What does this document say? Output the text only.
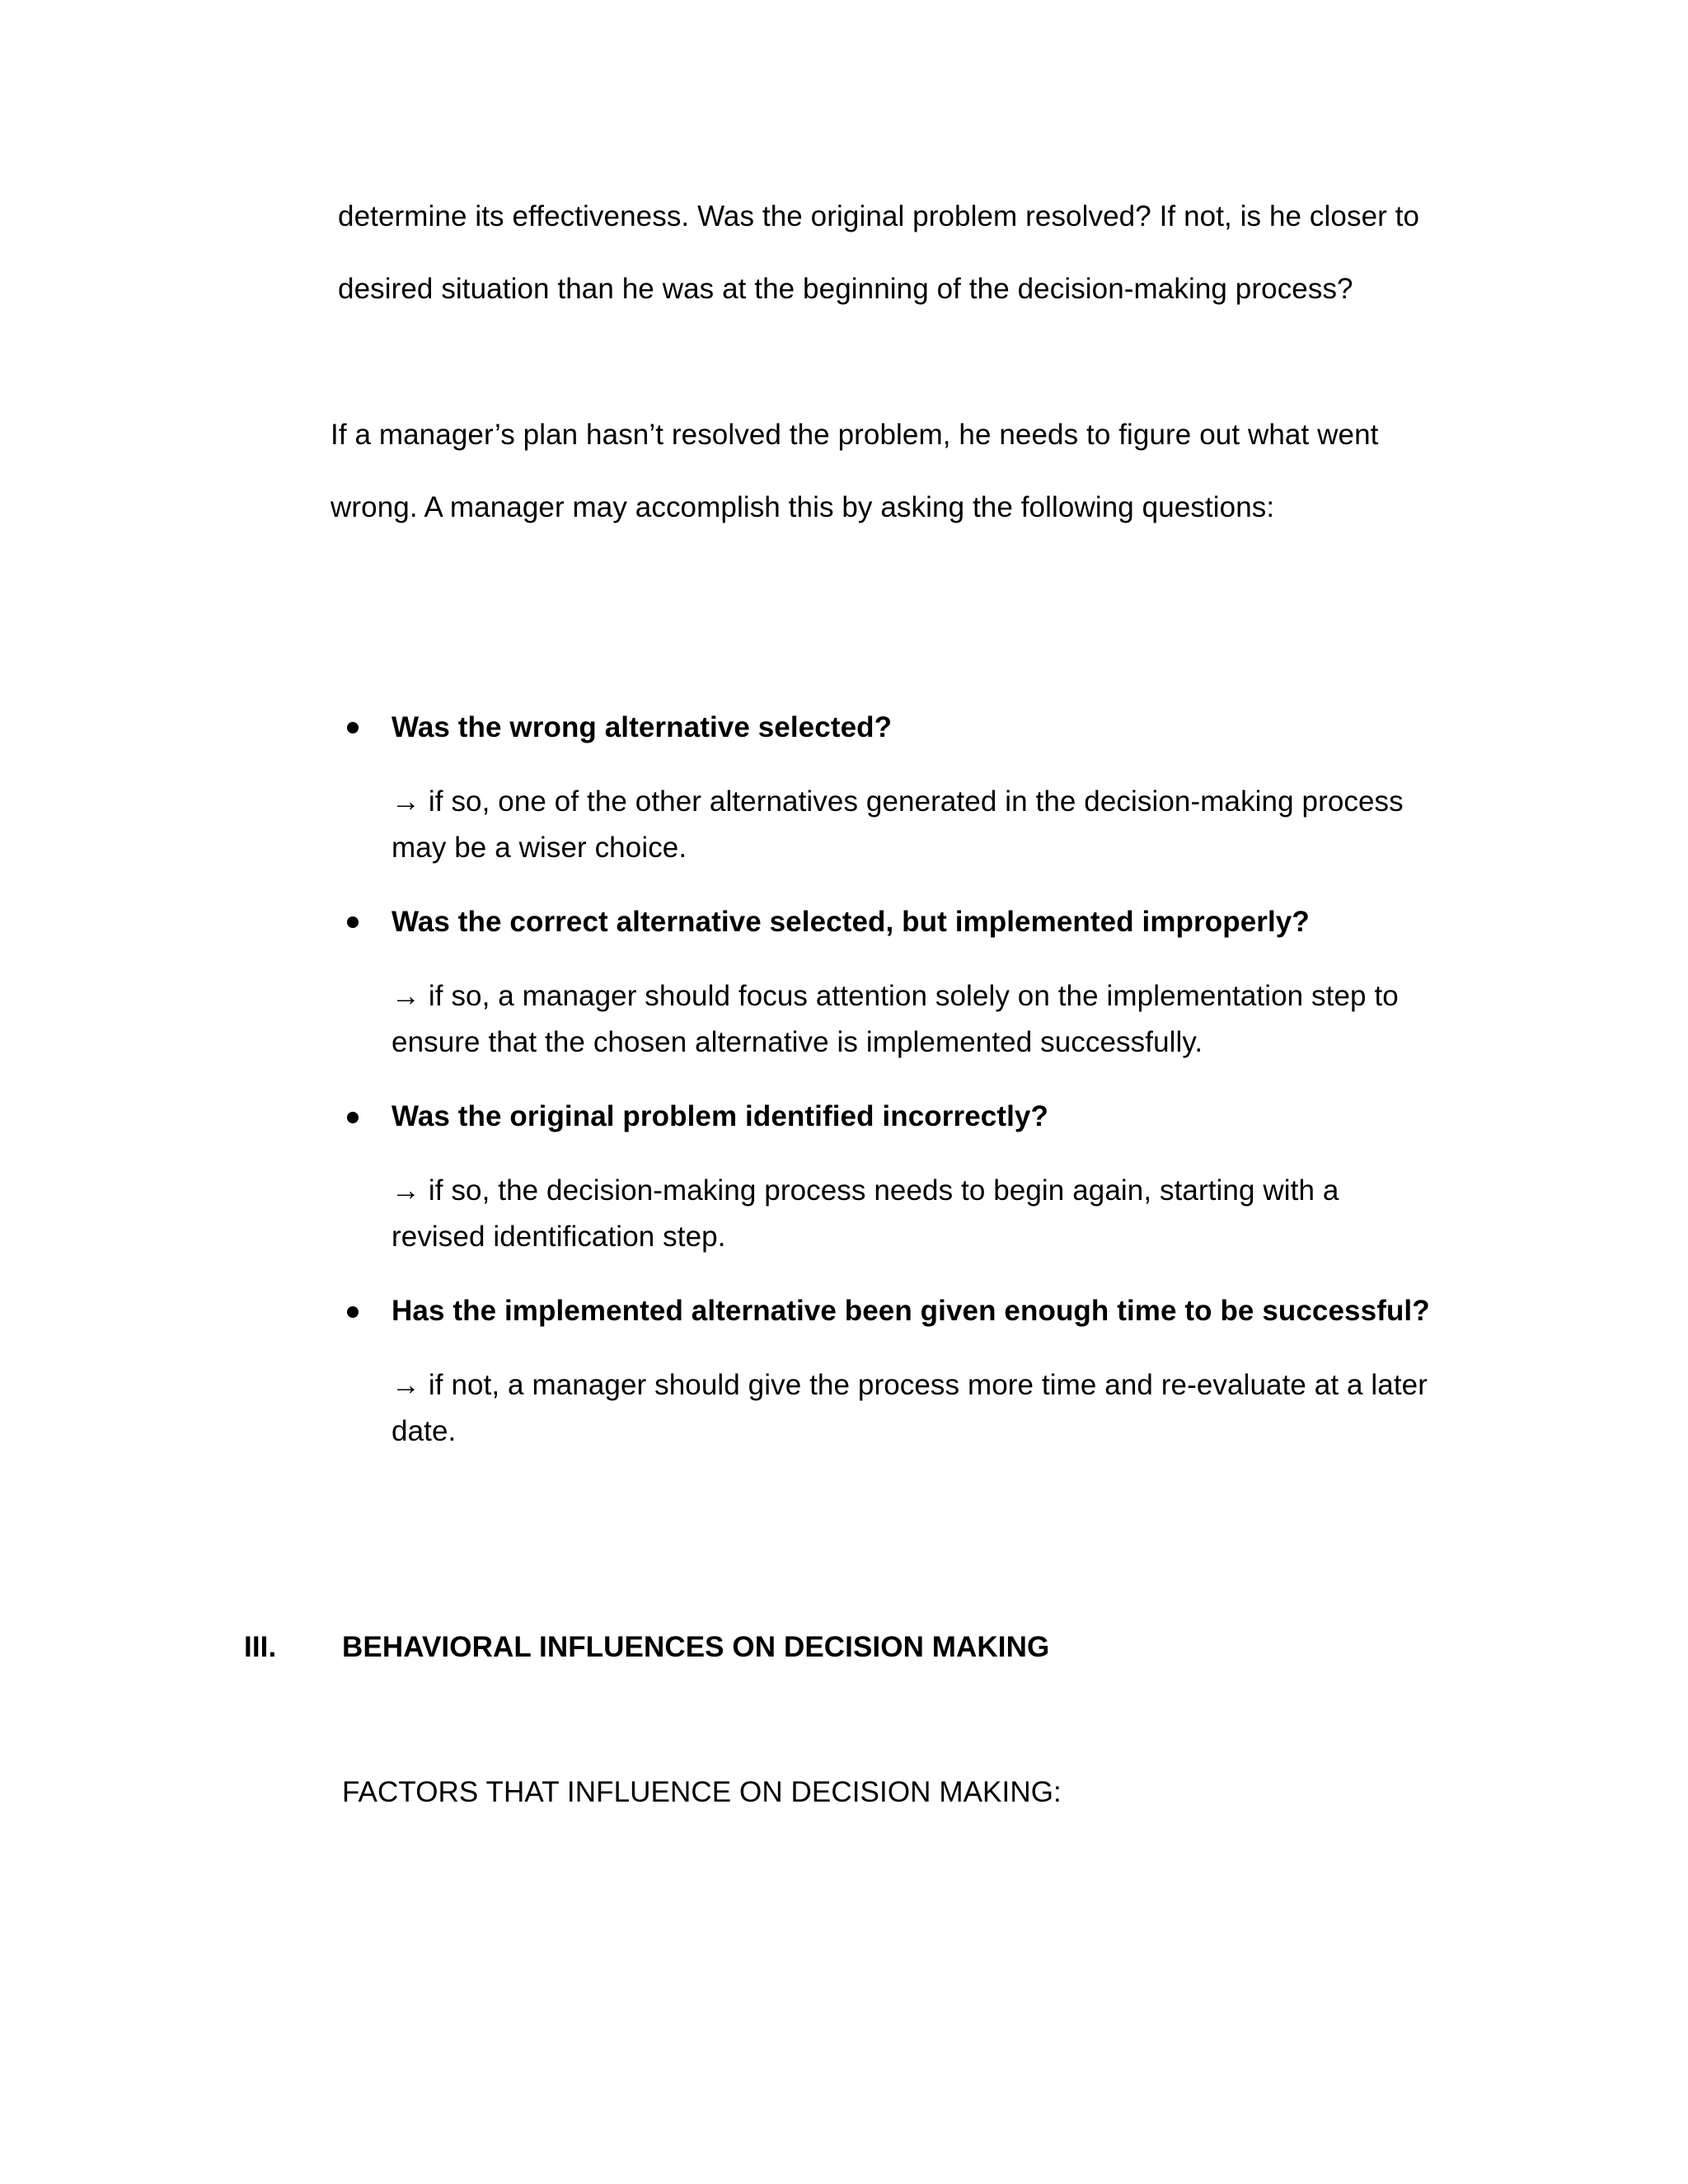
determine its effectiveness. Was the original problem resolved? If not, is he closer to
desired situation than he was at the beginning of the decision-making process?
If a manager’s plan hasn’t resolved the problem, he needs to figure out what went
wrong. A manager may accomplish this by asking the following questions:
Was the wrong alternative selected?
→ if so, one of the other alternatives generated in the decision-making process
may be a wiser choice.
Was the correct alternative selected, but implemented improperly?
→ if so, a manager should focus attention solely on the implementation step to
ensure that the chosen alternative is implemented successfully.
Was the original problem identified incorrectly?
→ if so, the decision-making process needs to begin again, starting with a
revised identification step.
Has the implemented alternative been given enough time to be successful?
→ if not, a manager should give the process more time and re-evaluate at a later
date.
III. BEHAVIORAL INFLUENCES ON DECISION MAKING
FACTORS THAT INFLUENCE ON DECISION MAKING:
